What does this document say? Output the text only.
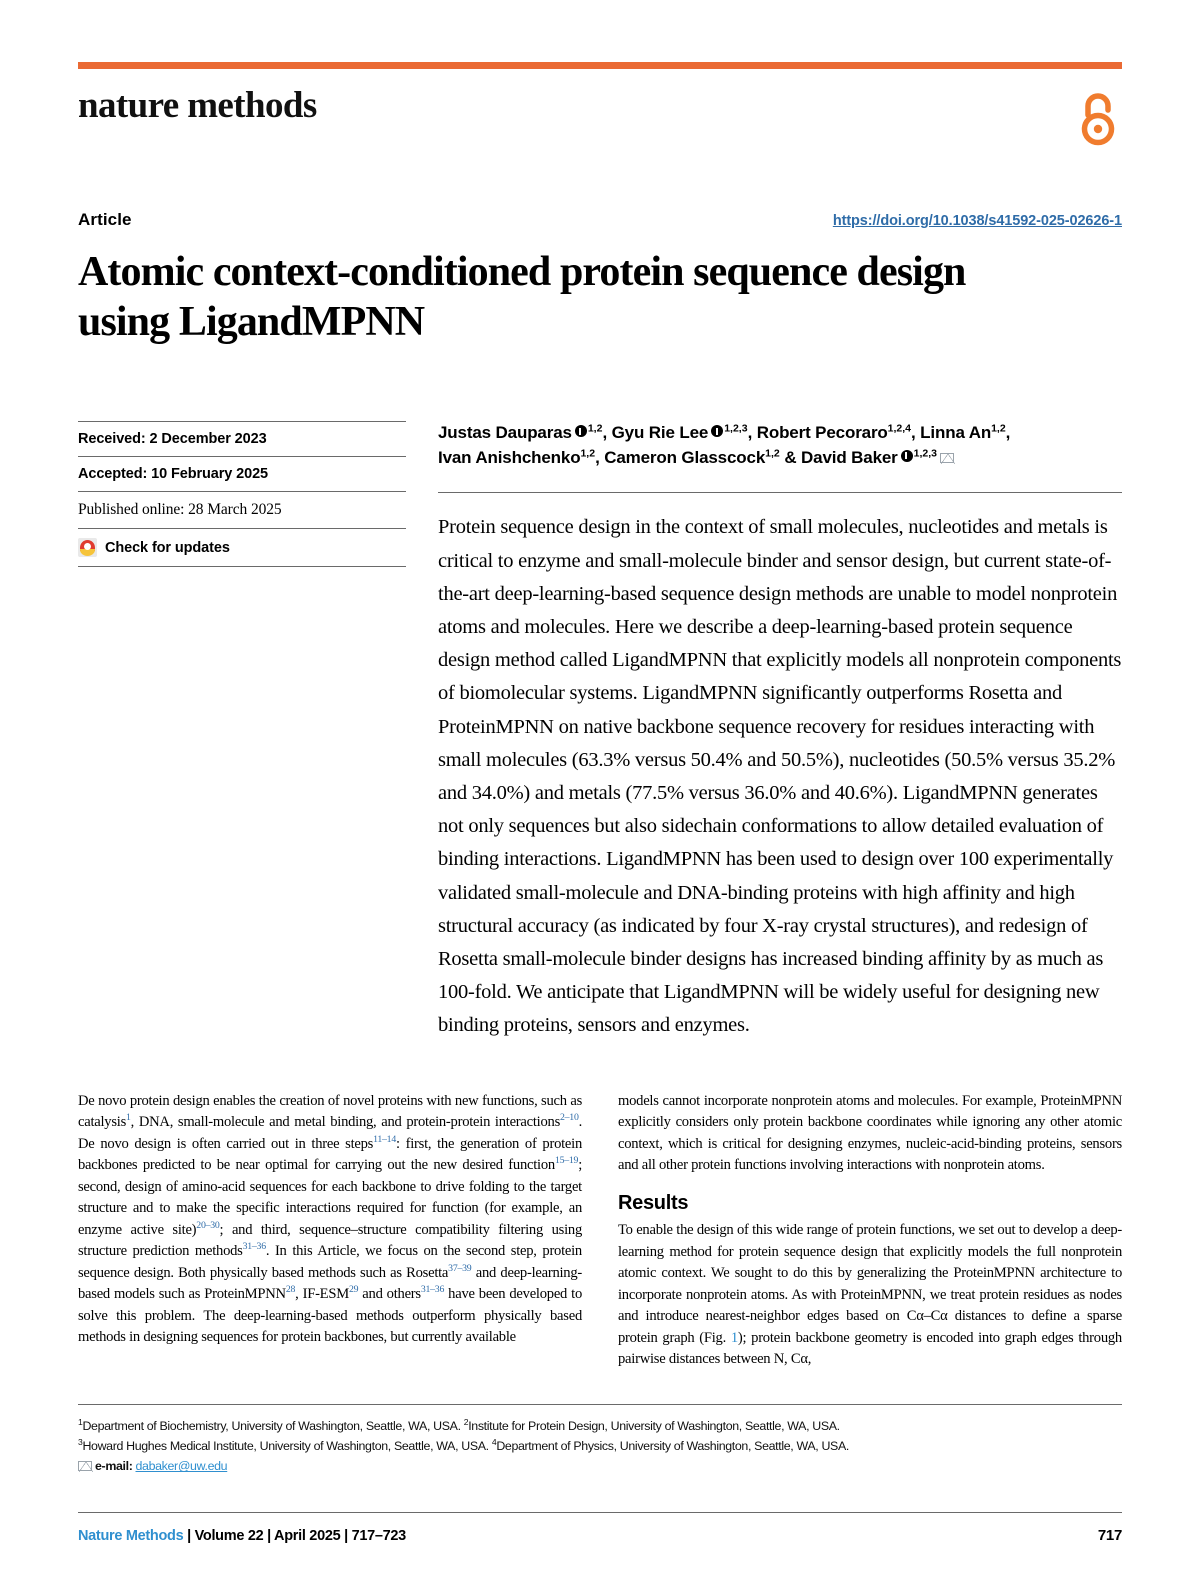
nature methods
Article	https://doi.org/10.1038/s41592-025-02626-1
Atomic context-conditioned protein sequence design using LigandMPNN
Received: 2 December 2023
Accepted: 10 February 2025
Published online: 28 March 2025
Check for updates
Justas Dauparas $^{1,2}$, Gyu Rie Lee $^{1,2,3}$, Robert Pecoraro$^{1,2,4}$, Linna An$^{1,2}$,
Ivan Anishchenko$^{1,2}$, Cameron Glasscock$^{1,2}$ & David Baker $^{1,2,3}$
Protein sequence design in the context of small molecules, nucleotides and metals is critical to enzyme and small-molecule binder and sensor design, but current state-of-the-art deep-learning-based sequence design methods are unable to model nonprotein atoms and molecules. Here we describe a deep-learning-based protein sequence design method called LigandMPNN that explicitly models all nonprotein components of biomolecular systems. LigandMPNN significantly outperforms Rosetta and ProteinMPNN on native backbone sequence recovery for residues interacting with small molecules (63.3% versus 50.4% and 50.5%), nucleotides (50.5% versus 35.2% and 34.0%) and metals (77.5% versus 36.0% and 40.6%). LigandMPNN generates not only sequences but also sidechain conformations to allow detailed evaluation of binding interactions. LigandMPNN has been used to design over 100 experimentally validated small-molecule and DNA-binding proteins with high affinity and high structural accuracy (as indicated by four X-ray crystal structures), and redesign of Rosetta small-molecule binder designs has increased binding affinity by as much as 100-fold. We anticipate that LigandMPNN will be widely useful for designing new binding proteins, sensors and enzymes.

De novo protein design enables the creation of novel proteins with new functions, such as catalysis$^1$, DNA, small-molecule and metal binding, and protein-protein interactions$^{2-10}$. De novo design is often carried out in three steps$^{11-14}$: first, the generation of protein backbones predicted to be near optimal for carrying out the new desired function$^{15-19}$; second, design of amino-acid sequences for each backbone to drive folding to the target structure and to make the specific interactions required for function (for example, an enzyme active site)$^{20-30}$; and third, sequence–structure compatibility filtering using structure prediction methods$^{31-36}$. In this Article, we focus on the second step, protein sequence design. Both physically based methods such as Rosetta$^{37-39}$ and deep-learning-based models such as ProteinMPNN$^{28}$, IF-ESM$^{29}$ and others$^{31-36}$ have been developed to solve this problem. The deep-learning-based methods outperform physically based methods in designing sequences for protein backbones, but currently available

models cannot incorporate nonprotein atoms and molecules. For example, ProteinMPNN explicitly considers only protein backbone coordinates while ignoring any other atomic context, which is critical for designing enzymes, nucleic-acid-binding proteins, sensors and all other protein functions involving interactions with nonprotein atoms.

Results

To enable the design of this wide range of protein functions, we set out to develop a deep-learning method for protein sequence design that explicitly models the full nonprotein atomic context. We sought to do this by generalizing the ProteinMPNN architecture to incorporate nonprotein atoms. As with ProteinMPNN, we treat protein residues as nodes and introduce nearest-neighbor edges based on Cα–Cα distances to define a sparse protein graph (Fig. 1); protein backbone geometry is encoded into graph edges through pairwise distances between N, Cα,

$^1$Department of Biochemistry, University of Washington, Seattle, WA, USA. $^2$Institute for Protein Design, University of Washington, Seattle, WA, USA.
$^3$Howard Hughes Medical Institute, University of Washington, Seattle, WA, USA. $^4$Department of Physics, University of Washington, Seattle, WA, USA.
e-mail: dabaker@uw.edu
Nature Methods | Volume 22 | April 2025 | 717–723	717
